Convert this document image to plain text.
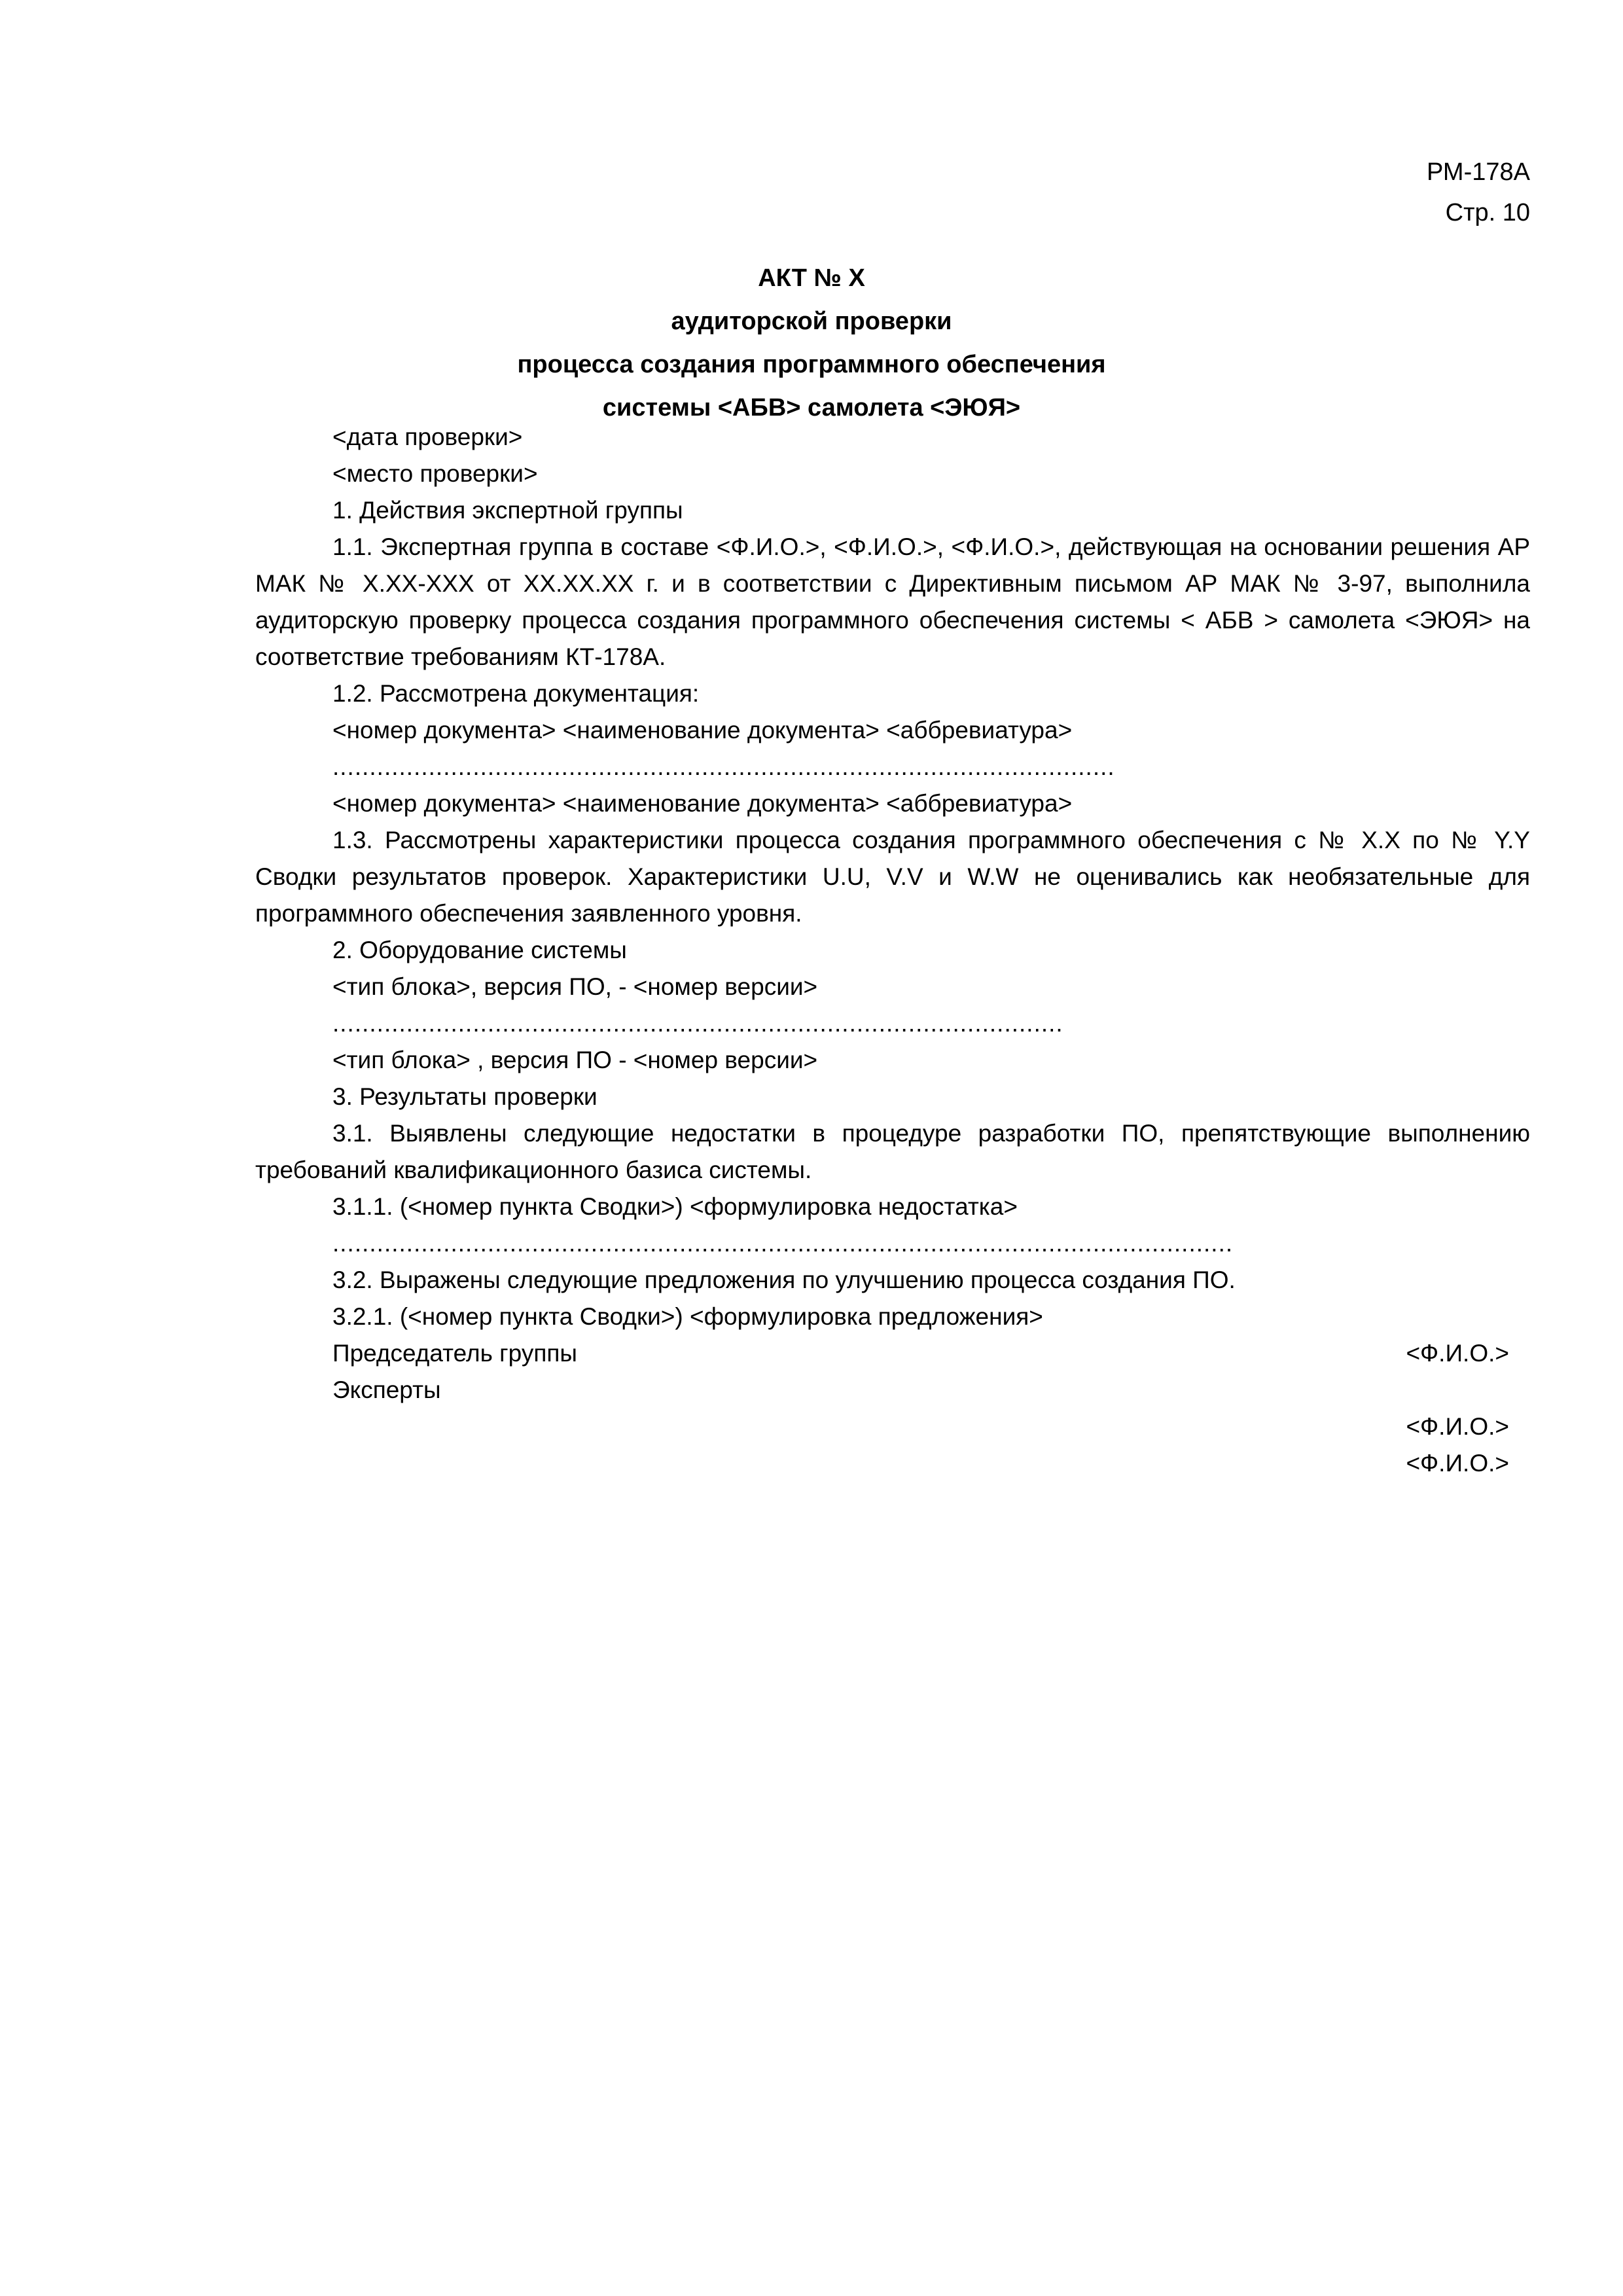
РМ-178А
Стр. 10
АКТ № X
аудиторской проверки
процесса создания программного обеспечения
системы <АБВ> самолета <ЭЮЯ>

<дата проверки>

<место проверки>

1. Действия экспертной группы

1.1. Экспертная группа в составе <Ф.И.О.>, <Ф.И.О.>, <Ф.И.О.>, действующая на основании решения АР МАК № X.XX-XXX от XX.XX.XX г. и в соответствии с Директивным письмом АР МАК № 3-97, выполнила аудиторскую проверку процесса создания программного обеспечения системы < АБВ > самолета <ЭЮЯ> на соответствие требованиям КТ-178А.

1.2. Рассмотрена документация:

<номер документа> <наименование документа> <аббревиатура>

..........................................................................................................

<номер документа> <наименование документа> <аббревиатура>

1.3. Рассмотрены характеристики процесса создания программного обеспечения с № X.X по № Y.Y Сводки результатов проверок. Характеристики U.U, V.V и W.W не оценивались как необязательные для программного обеспечения заявленного уровня.

2. Оборудование системы

<тип блока>, версия ПО, - <номер версии>

...................................................................................................

<тип блока> , версия ПО - <номер версии>

3. Результаты проверки

3.1. Выявлены следующие недостатки в процедуре разработки ПО, препятствующие выполнению требований квалификационного базиса системы.

3.1.1. (<номер пункта Сводки>) <формулировка недостатка>

..........................................................................................................................

3.2. Выражены следующие предложения по улучшению процесса создания ПО.

3.2.1. (<номер пункта Сводки>) <формулировка предложения>

Председатель группы	<Ф.И.О.>
Эксперты
<Ф.И.О.>
<Ф.И.О.>
